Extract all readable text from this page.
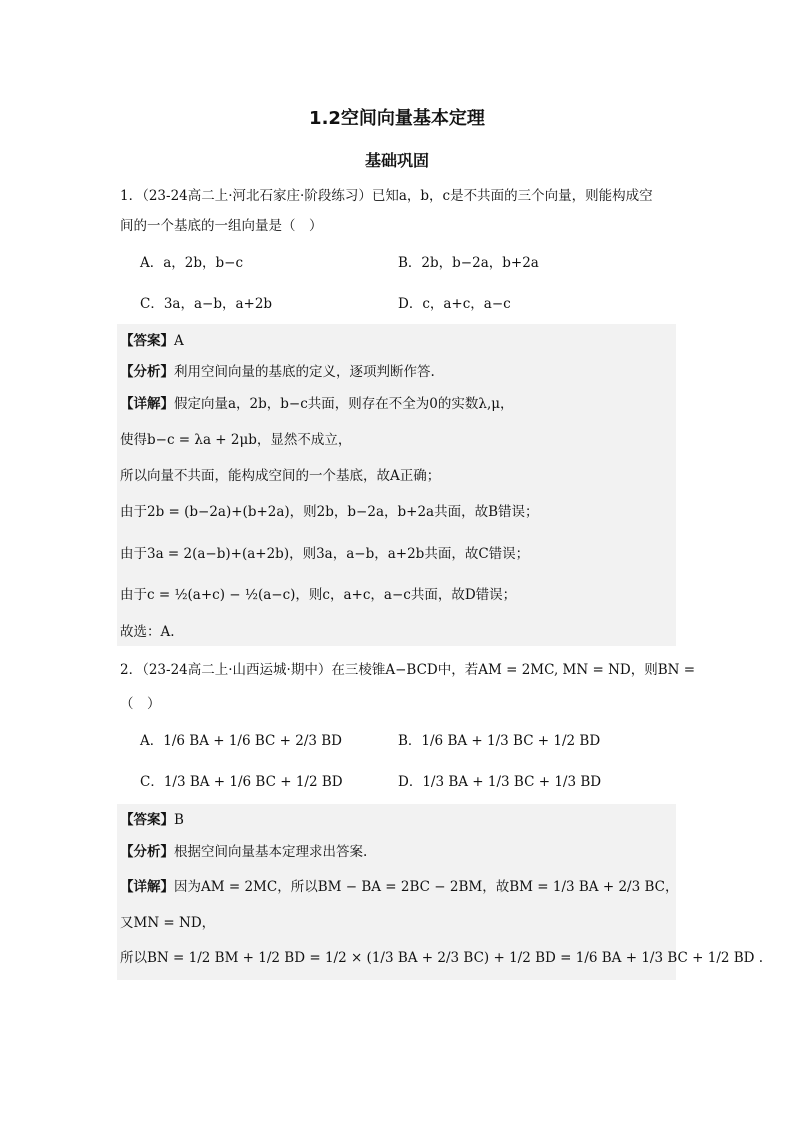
1.2空间向量基本定理
基础巩固
1．（23-24高二上·河北石家庄·阶段练习）已知a，b，c是不共面的三个向量，则能构成空
间的一个基底的一组向量是（　）
A．a，2b，b−c	B．2b，b−2a，b+2a
C．3a，a−b，a+2b	D．c，a+c，a−c
【答案】A
【分析】利用空间向量的基底的定义，逐项判断作答.
【详解】假定向量a，2b，b−c共面，则存在不全为0的实数λ,μ，
使得b−c = λa + 2μb，显然不成立，
所以向量不共面，能构成空间的一个基底，故A正确；
由于2b = (b−2a)+(b+2a)，则2b，b−2a，b+2a共面，故B错误；
由于3a = 2(a−b)+(a+2b)，则3a，a−b，a+2b共面，故C错误；
由于c = ½(a+c) − ½(a−c)，则c，a+c，a−c共面，故D错误；
故选：A.
2．（23-24高二上·山西运城·期中）在三棱锥A−BCD中，若AM = 2MC, MN = ND，则BN =
（　）
A．1/6 BA + 1/6 BC + 2/3 BD	B．1/6 BA + 1/3 BC + 1/2 BD
C．1/3 BA + 1/6 BC + 1/2 BD	D．1/3 BA + 1/3 BC + 1/3 BD
【答案】B
【分析】根据空间向量基本定理求出答案.
【详解】因为AM = 2MC，所以BM − BA = 2BC − 2BM，故BM = 1/3 BA + 2/3 BC，
又MN = ND，
所以BN = 1/2 BM + 1/2 BD = 1/2 × (1/3 BA + 2/3 BC) + 1/2 BD = 1/6 BA + 1/3 BC + 1/2 BD .
